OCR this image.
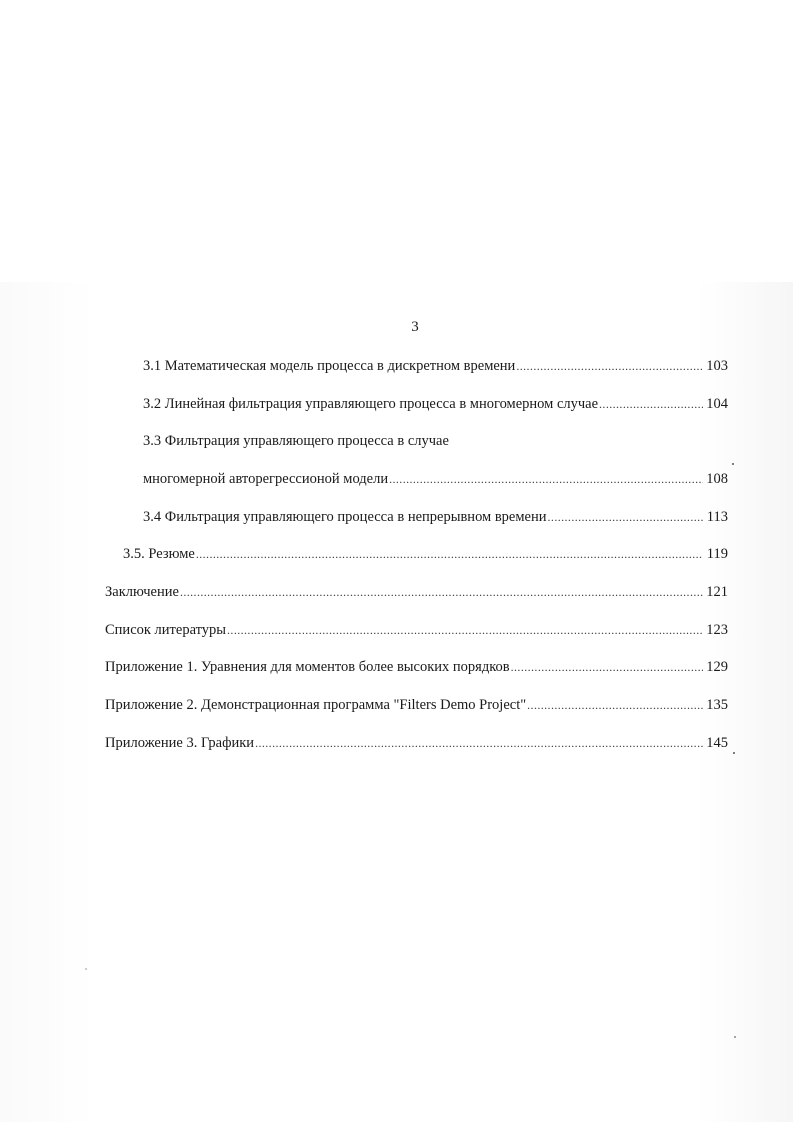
3
3.1 Математическая модель процесса в дискретном времени .....	103
3.2 Линейная фильтрация управляющего процесса в многомерном случае .....	104
3.3 Фильтрация управляющего процесса в случае
многомерной авторегрессионой модели .....	108
3.4 Фильтрация управляющего процесса в непрерывном времени .....	113
3.5. Резюме .....	119
Заключение .....	121
Список литературы .....	123
Приложение 1. Уравнения для моментов более высоких порядков .....	129
Приложение 2. Демонстрационная программа "Filters Demo Project" .....	135
Приложение 3. Графики .....	145
